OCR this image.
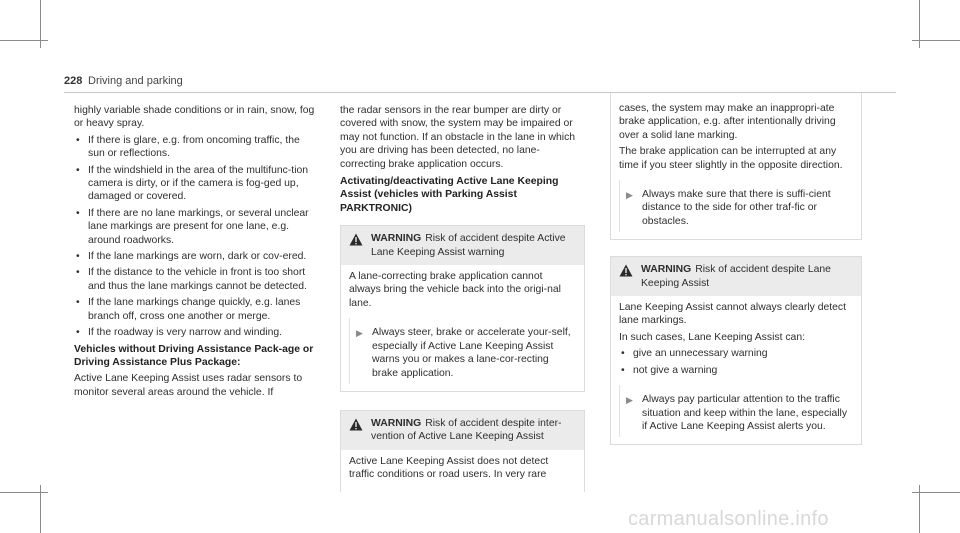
228 Driving and parking

highly variable shade conditions or in rain, snow, fog or heavy spray.

• If there is glare, e.g. from oncoming traffic, the sun or reflections.
• If the windshield in the area of the multifunc-tion camera is dirty, or if the camera is fog-ged up, damaged or covered.
• If there are no lane markings, or several unclear lane markings are present for one lane, e.g. around roadworks.
• If the lane markings are worn, dark or cov-ered.
• If the distance to the vehicle in front is too short and thus the lane markings cannot be detected.
• If the lane markings change quickly, e.g. lanes branch off, cross one another or merge.
• If the roadway is very narrow and winding.

Vehicles without Driving Assistance Pack-age or Driving Assistance Plus Package:

Active Lane Keeping Assist uses radar sensors to monitor several areas around the vehicle. If

the radar sensors in the rear bumper are dirty or covered with snow, the system may be impaired or may not function. If an obstacle in the lane in which you are driving has been detected, no lane-correcting brake application occurs.

Activating/deactivating Active Lane Keeping Assist (vehicles with Parking Assist PARKTRONIC)

WARNING Risk of accident despite Active Lane Keeping Assist warning

A lane-correcting brake application cannot always bring the vehicle back into the origi-nal lane.

▶ Always steer, brake or accelerate your-self, especially if Active Lane Keeping Assist warns you or makes a lane-cor-recting brake application.
WARNING Risk of accident despite inter-vention of Active Lane Keeping Assist

Active Lane Keeping Assist does not detect traffic conditions or road users. In very rare

cases, the system may make an inappropri-ate brake application, e.g. after intentionally driving over a solid lane marking.

The brake application can be interrupted at any time if you steer slightly in the opposite direction.

▶ Always make sure that there is suffi-cient distance to the side for other traf-fic or obstacles.
WARNING Risk of accident despite Lane Keeping Assist

Lane Keeping Assist cannot always clearly detect lane markings.

In such cases, Lane Keeping Assist can:

• give an unnecessary warning
• not give a warning
▶ Always pay particular attention to the traffic situation and keep within the lane, especially if Active Lane Keeping Assist alerts you.
carmanualsonline.info
